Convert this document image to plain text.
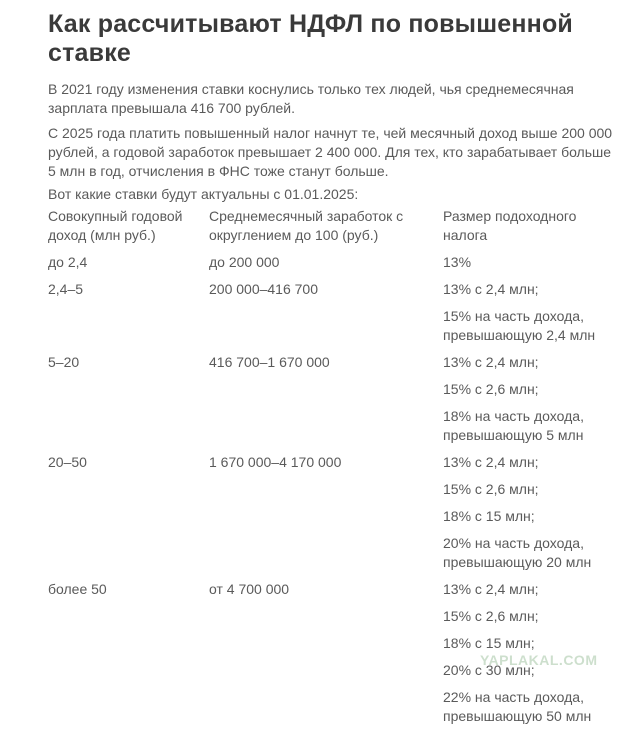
Как рассчитывают НДФЛ по повышенной ставке

В 2021 году изменения ставки коснулись только тех людей, чья среднемесячная зарплата превышала 416 700 рублей.

С 2025 года платить повышенный налог начнут те, чей месячный доход выше 200 000 рублей, а годовой заработок превышает 2 400 000. Для тех, кто зарабатывает больше 5 млн в год, отчисления в ФНС тоже станут больше.

Вот какие ставки будут актуальны с 01.01.2025:

Совокупный годовой доход (млн руб.)	Среднемесячный заработок с округлением до 100 (руб.)	Размер подоходного налога
до 2,4	до 200 000	13%

2,4–5	200 000–416 700	13% с 2,4 млн;
15% на часть дохода, превышающую 2,4 млн

5–20	416 700–1 670 000	13% с 2,4 млн;
15% с 2,6 млн;
18% на часть дохода, превышающую 5 млн

20–50	1 670 000–4 170 000	13% с 2,4 млн;
15% с 2,6 млн;
18% с 15 млн;
20% на часть дохода, превышающую 20 млн

более 50	от 4 700 000	13% с 2,4 млн;
15% с 2,6 млн;
18% с 15 млн;
20% с 30 млн;
22% на часть дохода, превышающую 50 млн
YAPLAKAL.COM
